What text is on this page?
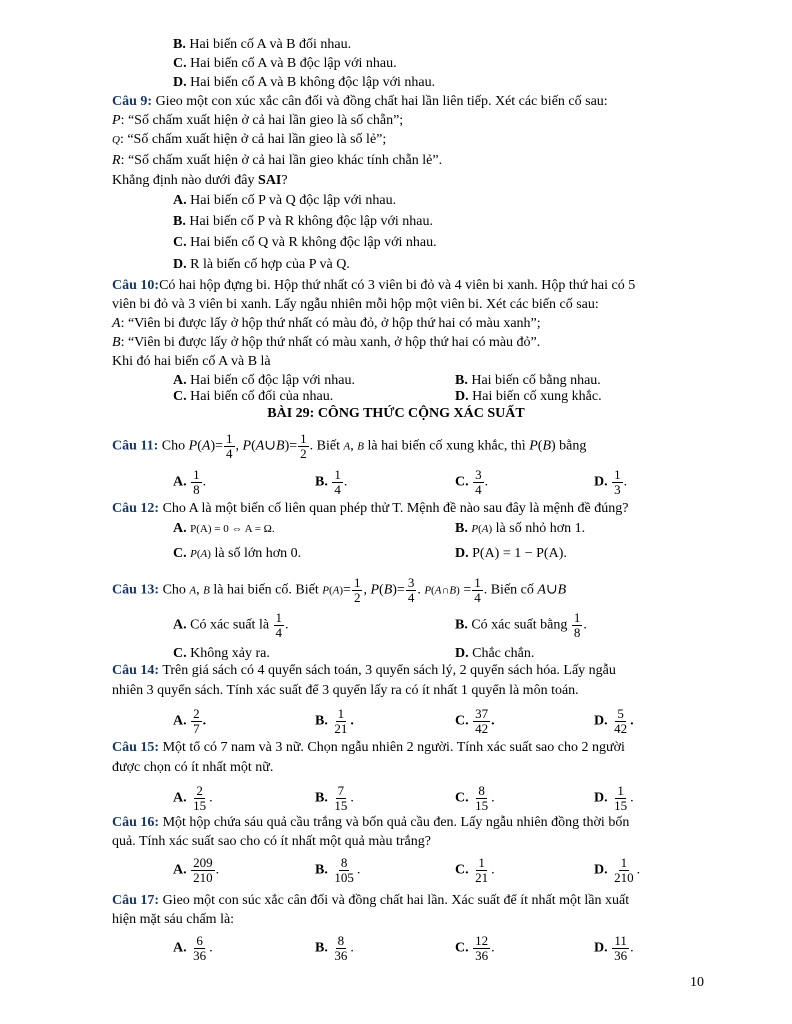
B. Hai biến cố A và B đối nhau.
C. Hai biến cố A và B độc lập với nhau.
D. Hai biến cố A và B không độc lập với nhau.
Câu 9: Gieo một con xúc xắc cân đối và đồng chất hai lần liên tiếp. Xét các biến cố sau:
P: “Số chấm xuất hiện ở cả hai lần gieo là số chẵn”;
Q: “Số chấm xuất hiện ở cả hai lần gieo là số lẻ”;
R: “Số chấm xuất hiện ở cả hai lần gieo khác tính chẵn lẻ”.
Khẳng định nào dưới đây SAI?
A. Hai biến cố P và Q độc lập với nhau.
B. Hai biến cố P và R không độc lập với nhau.
C. Hai biến cố Q và R không độc lập với nhau.
D. R là biến cố hợp của P và Q.
Câu 10:Có hai hộp đựng bi. Hộp thứ nhất có 3 viên bi đỏ và 4 viên bi xanh. Hộp thứ hai có 5
viên bi đỏ và 3 viên bi xanh. Lấy ngẫu nhiên mỗi hộp một viên bi. Xét các biến cố sau:
A: “Viên bi được lấy ở hộp thứ nhất có màu đỏ, ở hộp thứ hai có màu xanh”;
B: “Viên bi được lấy ở hộp thứ nhất có màu xanh, ở hộp thứ hai có màu đỏ”.
Khi đó hai biến cố A và B là
A. Hai biến cố độc lập với nhau.	B. Hai biến cố bằng nhau.
C. Hai biến cố đối của nhau.	D. Hai biến cố xung khắc.
BÀI 29: CÔNG THỨC CỘNG XÁC SUẤT
Câu 11: Cho $P(A)= \frac{1}{4}$ , P(A∪B)= $\frac{1}{2}$ . Biết A, B là hai biến cố xung khắc, thì P(B) bằng
A. $\frac{1}{8}$ .	B. $\frac{1}{4}$ .	C. $\frac{3}{4}$ .	D. $\frac{1}{3}$ .
Câu 12: Cho A là một biến cố liên quan phép thử T. Mệnh đề nào sau đây là mệnh đề đúng?
A. P(A) = 0 ⇔ A = Ω.	B. P(A) là số nhỏ hơn 1.
C. P(A) là số lớn hơn 0.	D. P(A) = 1 − P(A).
Câu 13: Cho A, B là hai biến cố. Biết $P(A)= \frac{1}{2}$ , $P(B)= \frac{3}{4}$ . P(A∩B) = $\frac{1}{4}$ . Biến cố A∪B
A. Có xác suất là $\frac{1}{4}$ .	B. Có xác suất bằng $\frac{1}{8}$ .
C. Không xảy ra.	D. Chắc chắn.
Câu 14: Trên giá sách có 4 quyển sách toán, 3 quyển sách lý, 2 quyển sách hóa. Lấy ngẫu
nhiên 3 quyển sách. Tính xác suất để 3 quyển lấy ra có ít nhất 1 quyển là môn toán.
A. $\frac{2}{7}$ .	B. $\frac{1}{21}$ .	C. $\frac{37}{42}$ .	D. $\frac{5}{42}$ .
Câu 15: Một tổ có 7 nam và 3 nữ. Chọn ngẫu nhiên 2 người. Tính xác suất sao cho 2 người
được chọn có ít nhất một nữ.
A. $\frac{2}{15}$ .	B. $\frac{7}{15}$ .	C. $\frac{8}{15}$ .	D. $\frac{1}{15}$ .
Câu 16: Một hộp chứa sáu quả cầu trắng và bốn quả cầu đen. Lấy ngẫu nhiên đồng thời bốn
quả. Tính xác suất sao cho có ít nhất một quả màu trắng?
A. $\frac{209}{210}$ .	B. $\frac{8}{105}$ .	C. $\frac{1}{21}$ .	D. $\frac{1}{210}$ .
Câu 17: Gieo một con súc xắc cân đối và đồng chất hai lần. Xác suất để ít nhất một lần xuất
hiện mặt sáu chấm là:
A. $\frac{6}{36}$ .	B. $\frac{8}{36}$ .	C. $\frac{12}{36}$ .	D. $\frac{11}{36}$ .
10
